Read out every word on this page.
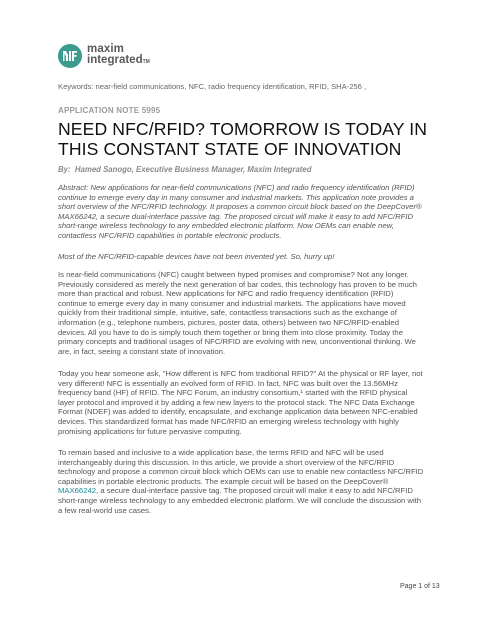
maxim
integratedTM
Keywords: near-field communications, NFC, radio frequency identification, RFID, SHA-256 ,
APPLICATION NOTE 5995
NEED NFC/RFID? TOMORROW IS TODAY IN
THIS CONSTANT STATE OF INNOVATION
By: Hamed Sanogo, Executive Business Manager, Maxim Integrated
Abstract: New applications for near-field communications (NFC) and radio frequency identification (RFID)
continue to emerge every day in many consumer and industrial markets. This application note provides a
short overview of the NFC/RFID technology. It proposes a common circuit block based on the DeepCover®
MAX66242, a secure dual-interface passive tag. The proposed circuit will make it easy to add NFC/RFID
short-range wireless technology to any embedded electronic platform. Now OEMs can enable new,
contactless NFC/RFID capabilities in portable electronic products.
Most of the NFC/RFID-capable devices have not been invented yet. So, hurry up!
Is near-field communications (NFC) caught between hyped promises and compromise? Not any longer.
Previously considered as merely the next generation of bar codes, this technology has proven to be much
more than practical and robust. New applications for NFC and radio frequency identification (RFID)
continue to emerge every day in many consumer and industrial markets. The applications have moved
quickly from their traditional simple, intuitive, safe, contactless transactions such as the exchange of
information (e.g., telephone numbers, pictures, poster data, others) between two NFC/RFID-enabled
devices. All you have to do is simply touch them together or bring them into close proximity. Today the
primary concepts and traditional usages of NFC/RFID are evolving with new, unconventional thinking. We
are, in fact, seeing a constant state of innovation.
Today you hear someone ask, "How different is NFC from traditional RFID?" At the physical or RF layer, not
very different! NFC is essentially an evolved form of RFID. In fact, NFC was built over the 13.56MHz
frequency band (HF) of RFID. The NFC Forum, an industry consortium,¹ started with the RFID physical
layer protocol and improved it by adding a few new layers to the protocol stack. The NFC Data Exchange
Format (NDEF) was added to identify, encapsulate, and exchange application data between NFC-enabled
devices. This standardized format has made NFC/RFID an emerging wireless technology with highly
promising applications for future pervasive computing.
To remain based and inclusive to a wide application base, the terms RFID and NFC will be used
interchangeably during this discussion. In this article, we provide a short overview of the NFC/RFID
technology and propose a common circuit block which OEMs can use to enable new contactless NFC/RFID
capabilities in portable electronic products. The example circuit will be based on the DeepCover®
MAX66242, a secure dual-interface passive tag. The proposed circuit will make it easy to add NFC/RFID
short-range wireless technology to any embedded electronic platform. We will conclude the discussion with
a few real-world use cases.
Page 1 of 13
